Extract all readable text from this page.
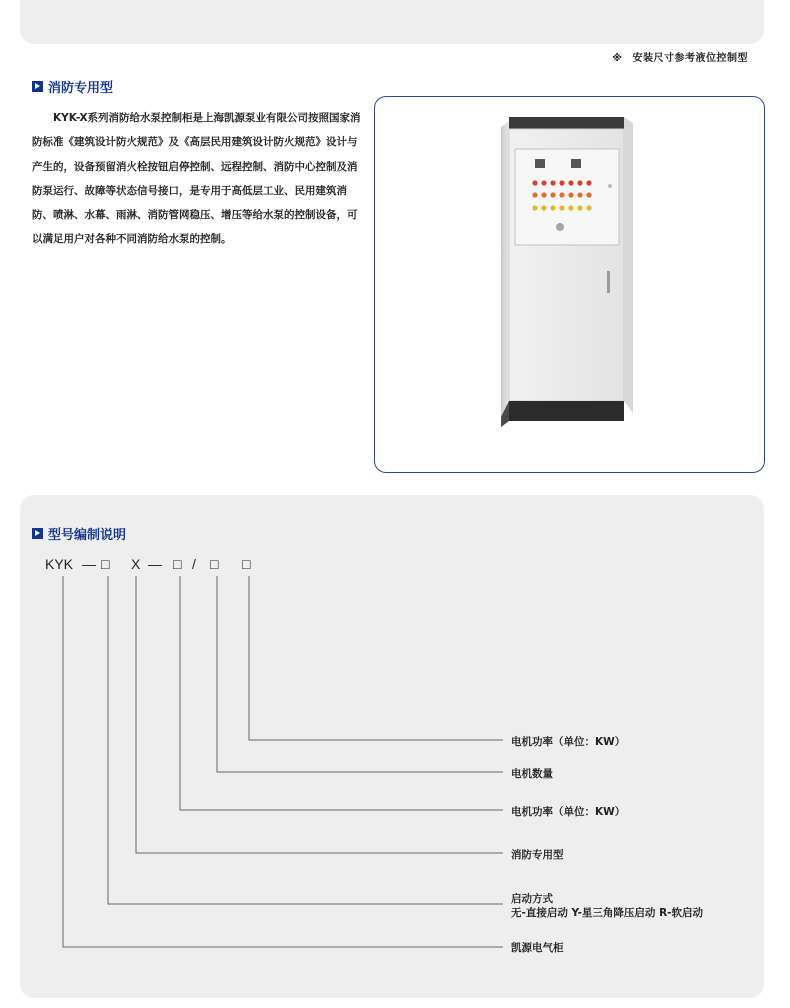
※ 安装尺寸参考液位控制型
消防专用型

KYK-X系列消防给水泵控制柜是上海凯源泵业有限公司按照国家消防标准《建筑设计防火规范》及《高层民用建筑设计防火规范》设计与产生的，设备预留消火栓按钮启停控制、远程控制、消防中心控制及消防泵运行、故障等状态信号接口，是专用于高低层工业、民用建筑消防、喷淋、水幕、雨淋、消防管网稳压、增压等给水泵的控制设备，可以满足用户对各种不同消防给水泵的控制。

型号编制说明
KYK — □ X — □ / □ □
电机功率（单位：KW）
电机数量
电机功率（单位：KW）
消防专用型
启动方式
无-直接启动 Y-星三角降压启动 R-软启动
凯源电气柜
